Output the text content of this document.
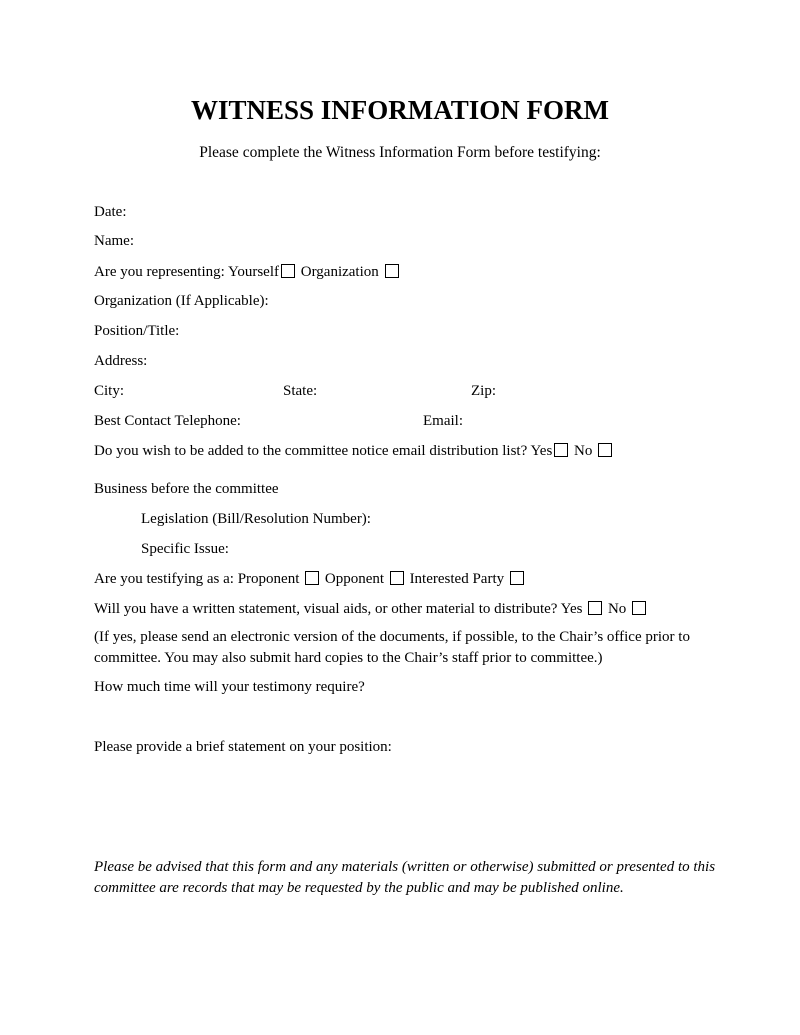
WITNESS INFORMATION FORM
Please complete the Witness Information Form before testifying:
Date:
Name:
Are you representing: Yourself Organization
Organization (If Applicable):
Position/Title:
Address:
City:	State:	Zip:
Best Contact Telephone:	Email:
Do you wish to be added to the committee notice email distribution list? Yes No
Business before the committee
Legislation (Bill/Resolution Number):
Specific Issue:
Are you testifying as a: Proponent Opponent Interested Party
Will you have a written statement, visual aids, or other material to distribute? Yes No
(If yes, please send an electronic version of the documents, if possible, to the Chair’s office prior to committee. You may also submit hard copies to the Chair’s staff prior to committee.)
How much time will your testimony require?
Please provide a brief statement on your position:
Please be advised that this form and any materials (written or otherwise) submitted or presented to this committee are records that may be requested by the public and may be published online.
